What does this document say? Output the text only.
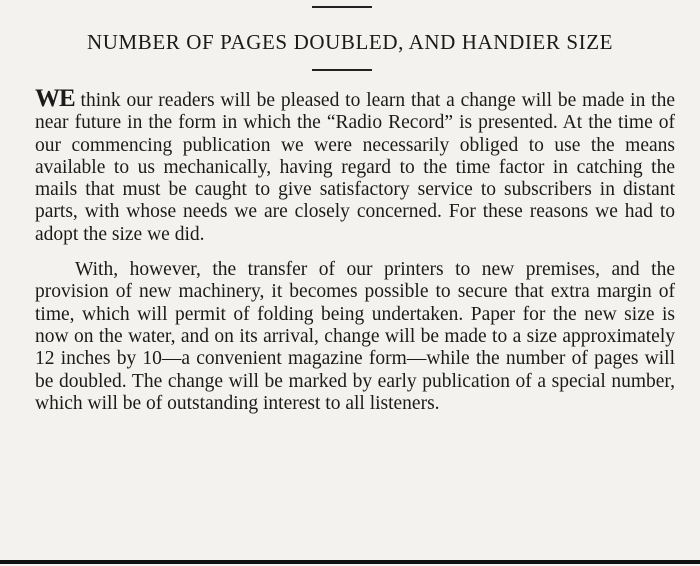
NUMBER OF PAGES DOUBLED, AND HANDIER SIZE

WE think our readers will be pleased to learn that a change will be made in the near future in the form in which the “Radio Record” is presented. At the time of our commencing publication we were necessarily obliged to use the means available to us mechanically, having regard to the time factor in catching the mails that must be caught to give satisfactory service to subscribers in distant parts, with whose needs we are closely concerned. For these reasons we had to adopt the size we did.

With, however, the transfer of our printers to new premises, and the provision of new machinery, it becomes possible to secure that extra margin of time, which will permit of folding being undertaken. Paper for the new size is now on the water, and on its arrival, change will be made to a size approximately 12 inches by 10—a convenient magazine form—while the number of pages will be doubled. The change will be marked by early publication of a special number, which will be of outstanding interest to all listeners.
